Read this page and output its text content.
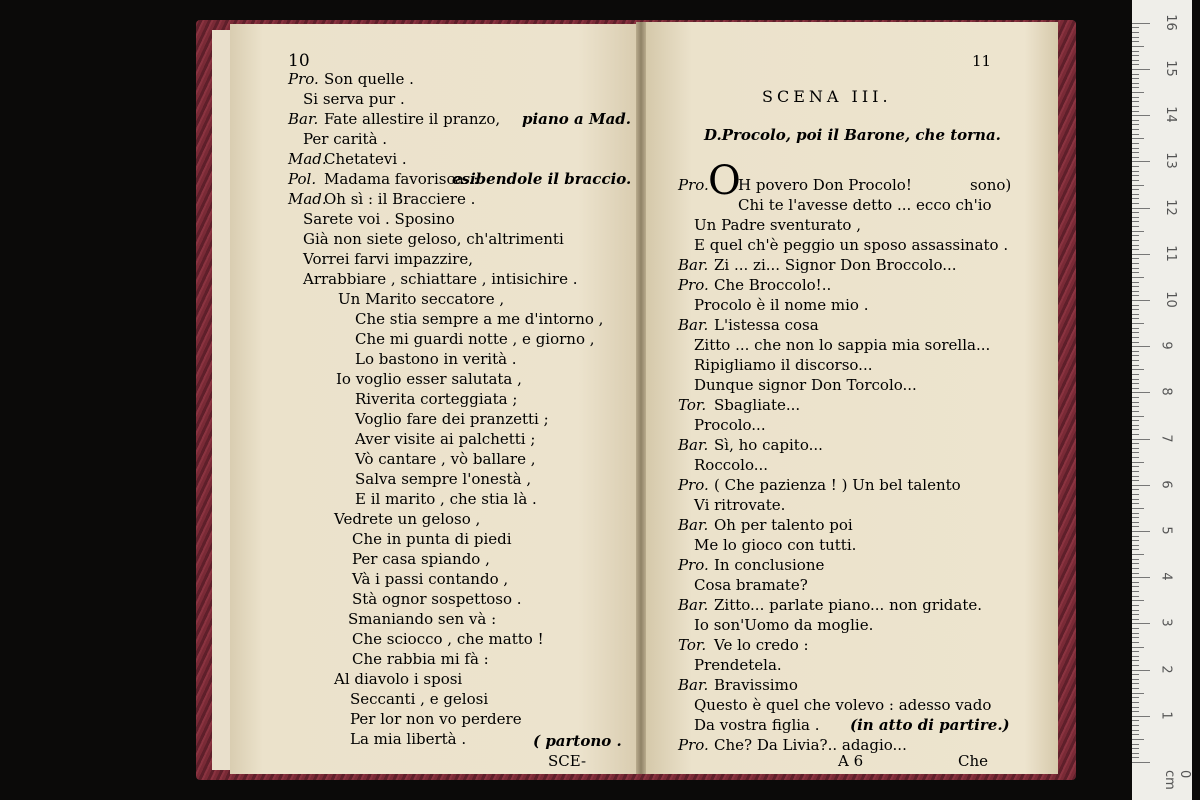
Pro. Son quelle .
Si serva pur .
Bar. Fate allestire il pranzo,
Per carità .
Mad.
Chetatevi .
Pol. Madama favorisca..:
Mad.
Oh sì : il Bracciere .
Sarete voi . Sposino
Già non siete geloso, ch'altrimenti
Vorrei farvi impazzire,
Arrabbiare , schiattare , intisichire .
Un Marito seccatore ,
Che stia sempre a me d'intorno ,
Che mi guardi notte , e giorno ,
Lo bastono in verità .
Io voglio esser salutata ,
Riverita corteggiata ;
Voglio fare dei pranzetti ;
Aver visite ai palchetti ;
Vò cantare , vò ballare ,
Salva sempre l'onestà ,
E il marito , che stia là .
Vedrete un geloso ,
Che in punta di piedi
Per casa spiando ,
Và i passi contando ,
Stà ognor sospettoso .
Smaniando sen và :
Che sciocco , che matto !
Che rabbia mi fà :
Al diavolo i sposi
Seccanti , e gelosi
Per lor non vo perdere
La mia libertà .
piano a Mad.
esibendole il braccio.
( partono .
SCE-
Pro. H povero Don Procolo!
Chi te l'avesse detto ... ecco ch'io
Un Padre sventurato ,
E quel ch'è peggio un sposo assassinato .
Bar. Zi ... zi... Signor Don Broccolo...
Pro. Che Broccolo!..
Procolo è il nome mio .
Bar. L'istessa cosa
Zitto ... che non lo sappia mia sorella...
Ripigliamo il discorso...
Dunque signor Don Torcolo...
Tor. Sbagliate...
Procolo...
Bar. Sì, ho capito...
Roccolo...
Pro. ( Che pazienza ! ) Un bel talento
Vi ritrovate.
Bar. Oh per talento poi
Me lo gioco con tutti.
Pro. In conclusione
Cosa bramate?
Bar. Zitto... parlate piano... non gridate.
Io son'Uomo da moglie.
Tor. Ve lo credo :
Prendetela.
Bar. Bravissimo
Questo è quel che volevo : adesso vado
Da vostra figlia .
Pro. Che? Da Livia?.. adagio...
(in atto di partire.)
sono)
Che
A 6
10	11
SCENA III.
D.Procolo, poi il Barone, che torna.
O
0 cm
1
2
3
4
5
6
7
8
9
10
11
12
13
14
15
16
